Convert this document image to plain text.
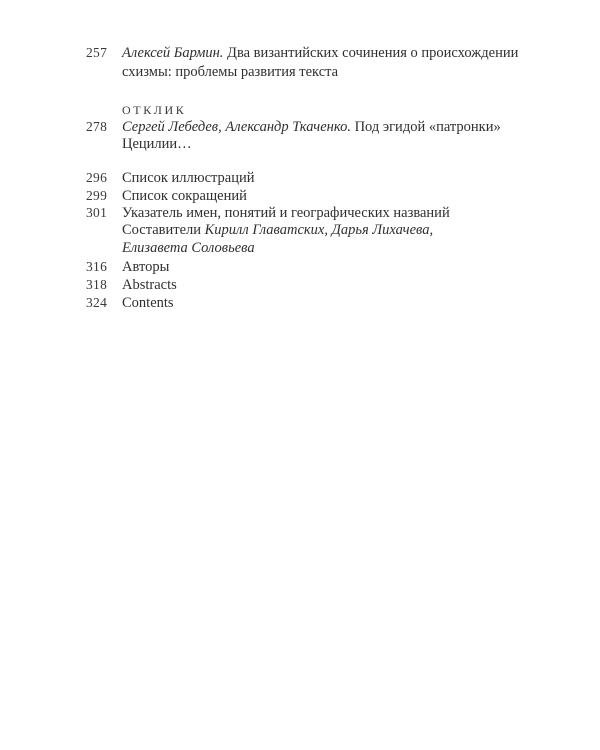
257 Алексей Бармин. Два византийских сочинения о происхождении
схизмы: проблемы развития текста
ОТКЛИК
278 Сергей Лебедев, Александр Ткаченко. Под эгидой «патронки»
Цецилии…
296 Список иллюстраций
299 Список сокращений
301 Указатель имен, понятий и географических названий
Составители Кирилл Главатских, Дарья Лихачева,
Елизавета Соловьева
316 Авторы
318 Abstracts
324 Contents
